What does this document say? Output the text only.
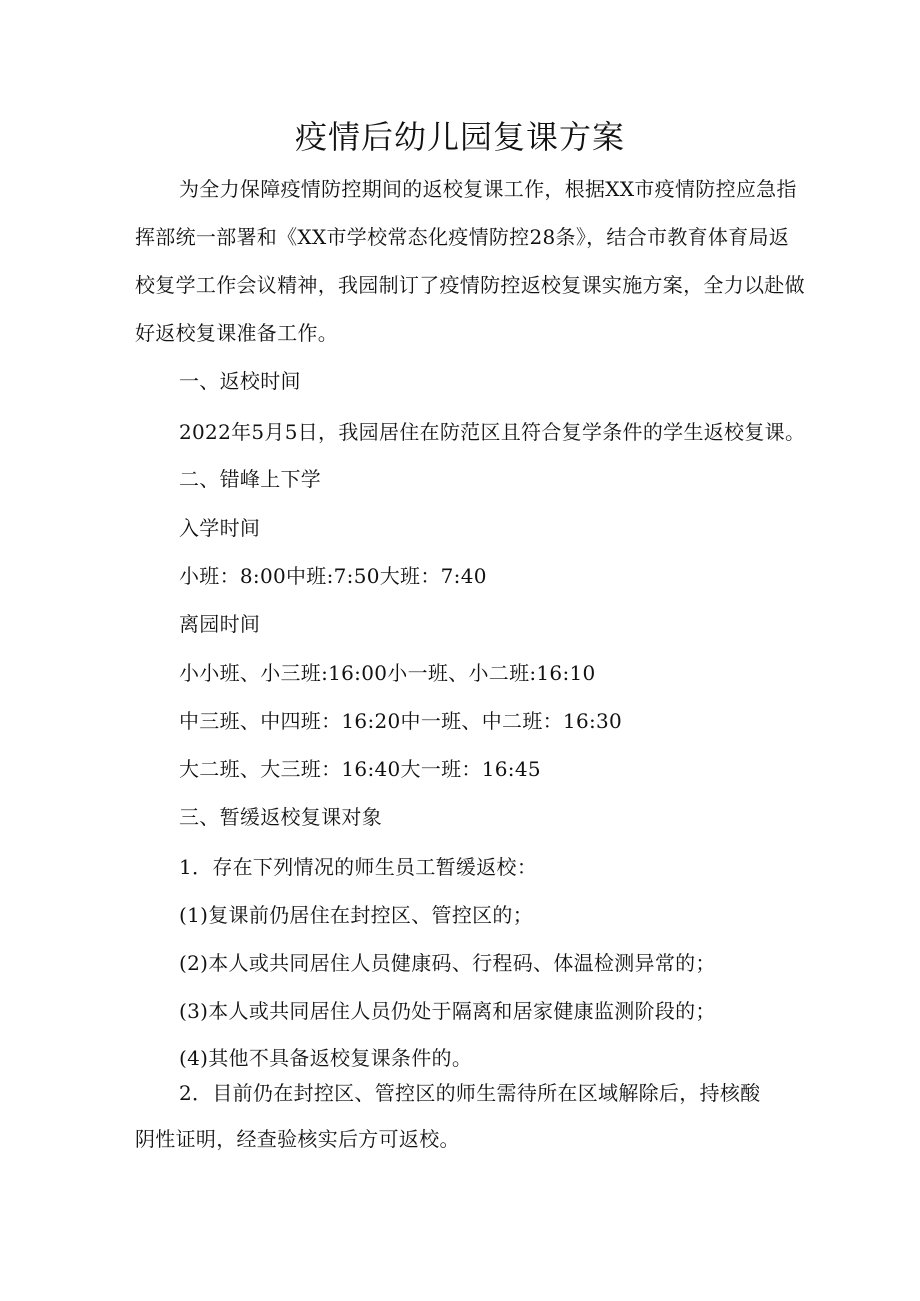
疫情后幼儿园复课方案
为全力保障疫情防控期间的返校复课工作，根据XX市疫情防控应急指
挥部统一部署和《XX市学校常态化疫情防控28条》，结合市教育体育局返
校复学工作会议精神，我园制订了疫情防控返校复课实施方案，全力以赴做
好返校复课准备工作。
一、返校时间
2022年5月5日，我园居住在防范区且符合复学条件的学生返校复课。
二、错峰上下学
入学时间
小班：8:00中班:7:50大班：7:40
离园时间
小小班、小三班:16:00小一班、小二班:16:10
中三班、中四班：16:20中一班、中二班：16:30
大二班、大三班：16:40大一班：16:45
三、暂缓返校复课对象
1．存在下列情况的师生员工暂缓返校：
(1)复课前仍居住在封控区、管控区的；
(2)本人或共同居住人员健康码、行程码、体温检测异常的；
(3)本人或共同居住人员仍处于隔离和居家健康监测阶段的；
(4)其他不具备返校复课条件的。
2．目前仍在封控区、管控区的师生需待所在区域解除后，持核酸
阴性证明，经查验核实后方可返校。
